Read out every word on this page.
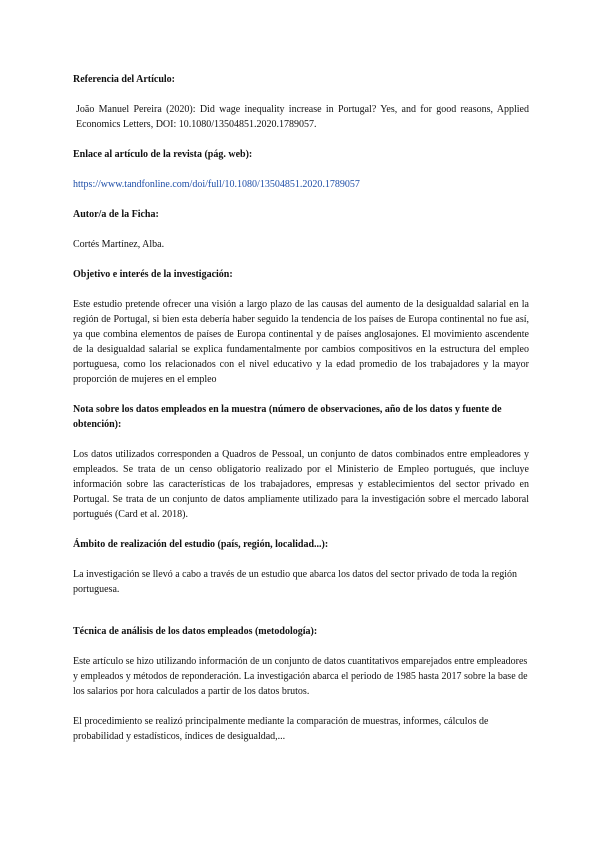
Referencia del Artículo:

João Manuel Pereira (2020): Did wage inequality increase in Portugal? Yes, and for good reasons, Applied Economics Letters, DOI: 10.1080/13504851.2020.1789057.

Enlace al artículo de la revista (pág. web):

https://www.tandfonline.com/doi/full/10.1080/13504851.2020.1789057

Autor/a de la Ficha:

Cortés Martínez, Alba.

Objetivo e interés de la investigación:

Este estudio pretende ofrecer una visión a largo plazo de las causas del aumento de la desigualdad salarial en la región de Portugal, si bien esta debería haber seguido la tendencia de los países de Europa continental no fue así, ya que combina elementos de países de Europa continental y de países anglosajones. El movimiento ascendente de la desigualdad salarial se explica fundamentalmente por cambios compositivos en la estructura del empleo portuguesa, como los relacionados con el nivel educativo y la edad promedio de los trabajadores y la mayor proporción de mujeres en el empleo

Nota sobre los datos empleados en la muestra (número de observaciones, año de los datos y fuente de obtención):

Los datos utilizados corresponden a Quadros de Pessoal, un conjunto de datos combinados entre empleadores y empleados. Se trata de un censo obligatorio realizado por el Ministerio de Empleo portugués, que incluye información sobre las características de los trabajadores, empresas y establecimientos del sector privado en Portugal. Se trata de un conjunto de datos ampliamente utilizado para la investigación sobre el mercado laboral portugués (Card et al. 2018).

Ámbito de realización del estudio (país, región, localidad...):

La investigación se llevó a cabo a través de un estudio que abarca los datos del sector privado de toda la región portuguesa.

Técnica de análisis de los datos empleados (metodología):

Este artículo se hizo utilizando información de un conjunto de datos cuantitativos emparejados entre empleadores y empleados y métodos de reponderación. La investigación abarca el periodo de 1985 hasta 2017 sobre la base de los salarios por hora calculados a partir de los datos brutos.

El procedimiento se realizó principalmente mediante la comparación de muestras, informes, cálculos de probabilidad y estadísticos, índices de desigualdad,...
